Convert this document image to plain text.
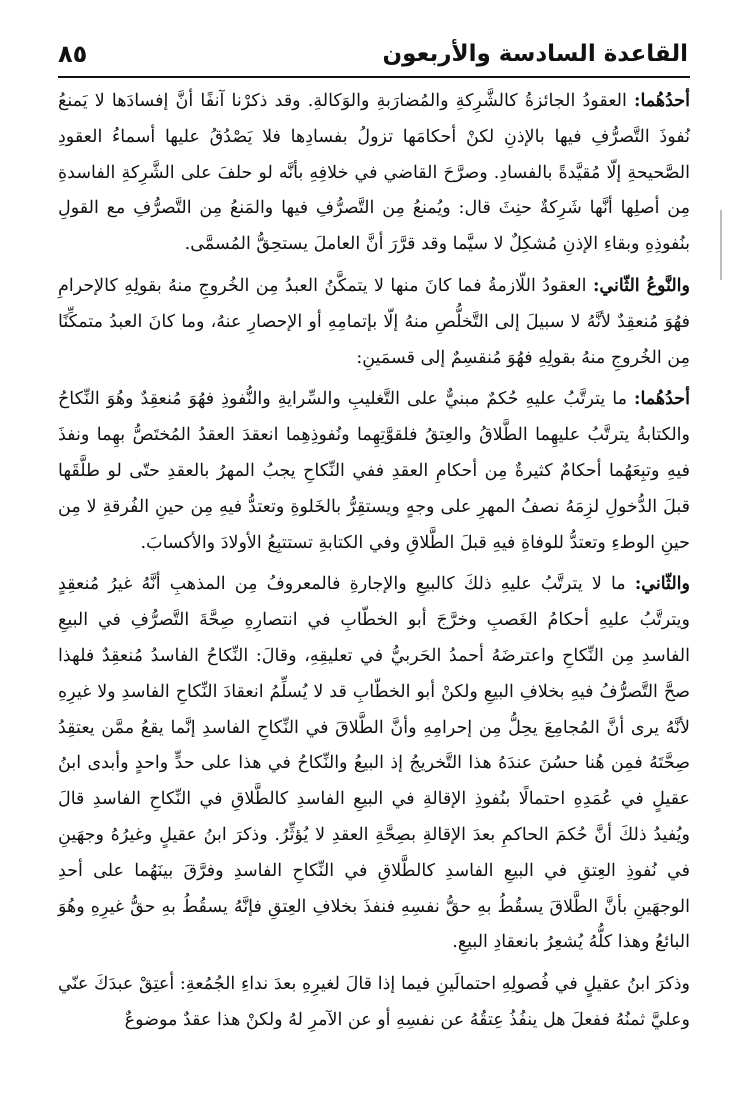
القاعدة السادسة والأربعون
٨٥

أحدُهُما: العقودُ الجائزةُ كالشَّرِكةِ والمُضارَبةِ والوَكالةِ. وقد ذكرْنا آنفًا أنَّ إفسادَها لا يَمنعُ نُفوذَ التَّصرُّفِ فيها بالإذنِ لكنْ أحكامَها تزولُ بفسادِها فلا يَصْدُقُ عليها أسماءُ العقودِ الصَّحيحةِ إلّا مُقيَّدةً بالفسادِ. وصرَّحَ القاضي في خلافِهِ بأنَّه لو حلفَ على الشَّرِكةِ الفاسدةِ مِن أصلِها أنَّها شَرِكةٌ حنِثَ قال: ويُمنعُ مِن التَّصرُّفِ فيها والمَنعُ مِن التَّصرُّفِ مع القولِ بنُفوذِهِ وبقاءِ الإذنِ مُشكِلٌ لا سيَّما وقد قرَّرَ أنَّ العاملَ يستحِقُّ المُسمَّى.

والنَّوعُ الثّاني: العقودُ اللّازمةُ فما كانَ منها لا يتمكَّنُ العبدُ مِن الخُروجِ منهُ بقولِهِ كالإحرامِ فهُوَ مُنعقِدٌ لأنَّهُ لا سبيلَ إلى التَّخلُّصِ منهُ إلّا بإتمامِهِ أو الإحصارِ عنهُ، وما كانَ العبدُ متمكِّنًا مِن الخُروجِ منهُ بقولِهِ فهُوَ مُنقسِمٌ إلى قسمَينِ:

أحدُهُما: ما يترتَّبُ عليهِ حُكمٌ مبنيٌّ على التَّغليبِ والسِّرايةِ والنُّفوذِ فهُوَ مُنعقِدٌ وهُوَ النِّكاحُ والكتابةُ يترتَّبُ عليهِما الطَّلاقُ والعِتقُ فلقوَّتِهِما ونُفوذِهِما انعقدَ العقدُ المُختَصُّ بهِما ونفذَ فيهِ وتبِعَهُما أحكامٌ كثيرةٌ مِن أحكامِ العقدِ ففي النِّكاحِ يجبُ المهرُ بالعقدِ حتّى لو طلَّقَها قبلَ الدُّخولِ لزِمَهُ نصفُ المهرِ على وجهٍ ويستقِرُّ بالخَلوةِ وتعتدُّ فيهِ مِن حينِ الفُرقةِ لا مِن حينِ الوطءِ وتعتدُّ للوفاةِ فيهِ قبلَ الطَّلاقِ وفي الكتابةِ تستتبِعُ الأولادَ والأكسابَ.

والثّاني: ما لا يترتَّبُ عليهِ ذلكَ كالبيعِ والإجارةِ فالمعروفُ مِن المذهبِ أنَّهُ غيرُ مُنعقِدٍ ويترتَّبُ عليهِ أحكامُ الغَصبِ وخرَّجَ أبو الخطّابِ في انتصارِهِ صِحَّةَ التَّصرُّفِ في البيعِ الفاسدِ مِن النِّكاحِ واعترضَهُ أحمدُ الحَربيُّ في تعليقِهِ، وقالَ: النِّكاحُ الفاسدُ مُنعقِدٌ فلهذا صحَّ التَّصرُّفُ فيهِ بخلافِ البيعِ ولكنْ أبو الخطّابِ قد لا يُسلِّمُ انعقادَ النِّكاحِ الفاسدِ ولا غيرِهِ لأنَّهُ يرى أنَّ المُجامِعَ يحِلُّ مِن إحرامِهِ وأنَّ الطَّلاقَ في النِّكاحِ الفاسدِ إنَّما يقعُ ممَّن يعتقِدُ صِحَّتَهُ فمِن هُنا حسُنَ عندَهُ هذا التَّخريجُ إذ البيعُ والنِّكاحُ في هذا على حدٍّ واحدٍ وأبدى ابنُ عقيلٍ في عُمَدِهِ احتمالًا بنُفوذِ الإقالةِ في البيعِ الفاسدِ كالطَّلاقِ في النِّكاحِ الفاسدِ قالَ ويُفيدُ ذلكَ أنَّ حُكمَ الحاكمِ بعدَ الإقالةِ بصِحَّةِ العقدِ لا يُؤثِّرُ. وذكرَ ابنُ عقيلٍ وغيرُهُ وجهَينِ في نُفوذِ العِتقِ في البيعِ الفاسدِ كالطَّلاقِ في النِّكاحِ الفاسدِ وفرَّقَ بينَهُما على أحدِ الوجهَينِ بأنَّ الطَّلاقَ يسقُطُ بهِ حقُّ نفسِهِ فنفذَ بخلافِ العِتقِ فإنَّهُ يسقُطُ بهِ حقُّ غيرِهِ وهُوَ البائعُ وهذا كلُّهُ يُشعِرُ بانعقادِ البيعِ.

وذكرَ ابنُ عقيلٍ في فُصولِهِ احتمالَينِ فيما إذا قالَ لغيرِهِ بعدَ نداءِ الجُمُعةِ: أعتِقْ عبدَكَ عنّي وعليَّ ثمنُهُ ففعلَ هل ينفُذُ عِتقُهُ عن نفسِهِ أو عن الآمرِ لهُ ولكنْ هذا عقدٌ موضوعٌ
